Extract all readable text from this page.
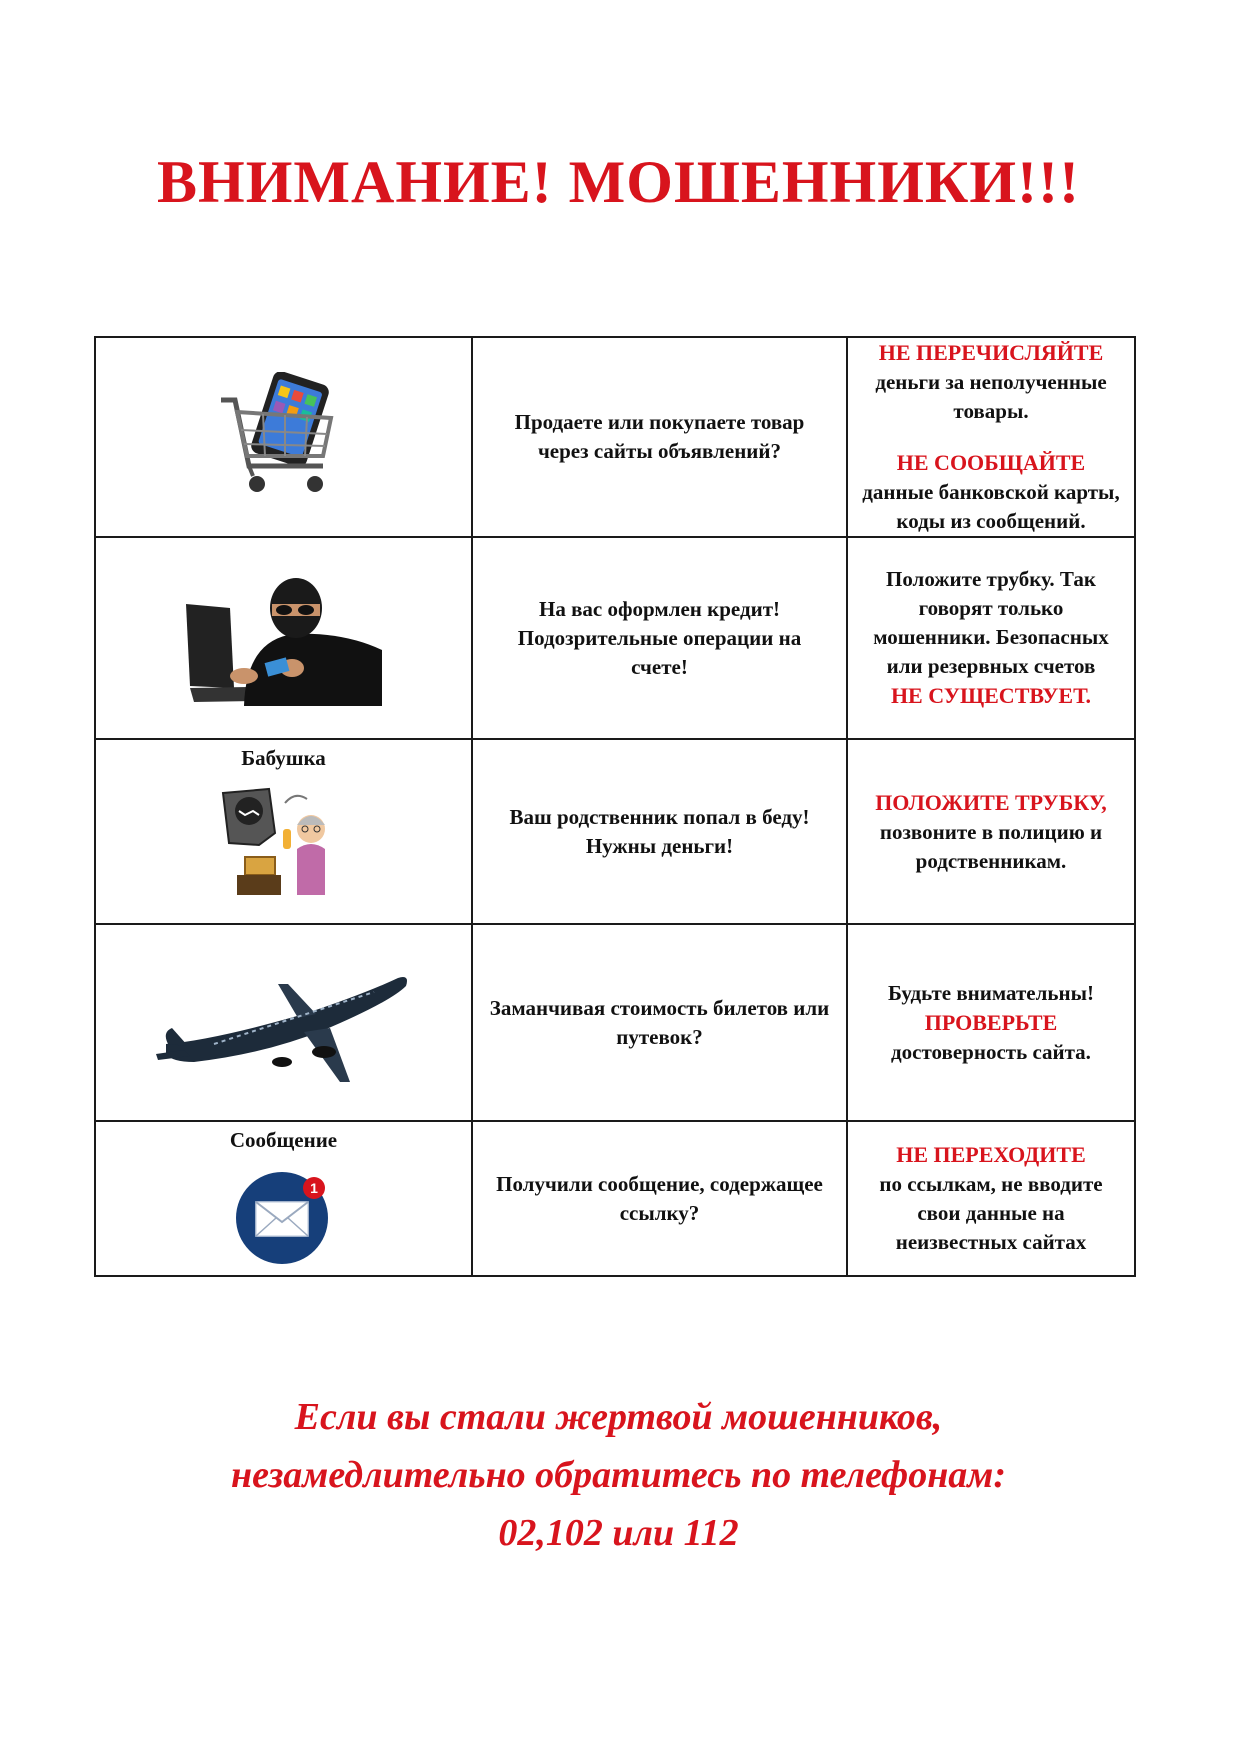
ВНИМАНИЕ! МОШЕННИКИ!!!
	Продаете или покупаете товар через сайты объявлений?	НЕ ПЕРЕЧИСЛЯЙТЕ
деньги за неполученные товары.
НЕ СООБЩАЙТЕ данные банковской карты, коды из сообщений.

	На вас оформлен кредит! Подозрительные операции на счете!	Положите трубку. Так говорят только мошенники. Безопасных или резервных счетов
НЕ СУЩЕСТВУЕТ.

Бабушка	Ваш родственник попал в беду! Нужны деньги!	ПОЛОЖИТЕ ТРУБКУ,
позвоните в полицию и родственникам.

	Заманчивая стоимость билетов или путевок?	Будьте внимательны!
ПРОВЕРЬТЕ
достоверность сайта.

Сообщение
1	Получили сообщение, содержащее ссылку?	НЕ ПЕРЕХОДИТЕ
по ссылкам, не вводите свои данные на неизвестных сайтах
Если вы стали жертвой мошенников,
незамедлительно обратитесь по телефонам:
02,102 или 112
